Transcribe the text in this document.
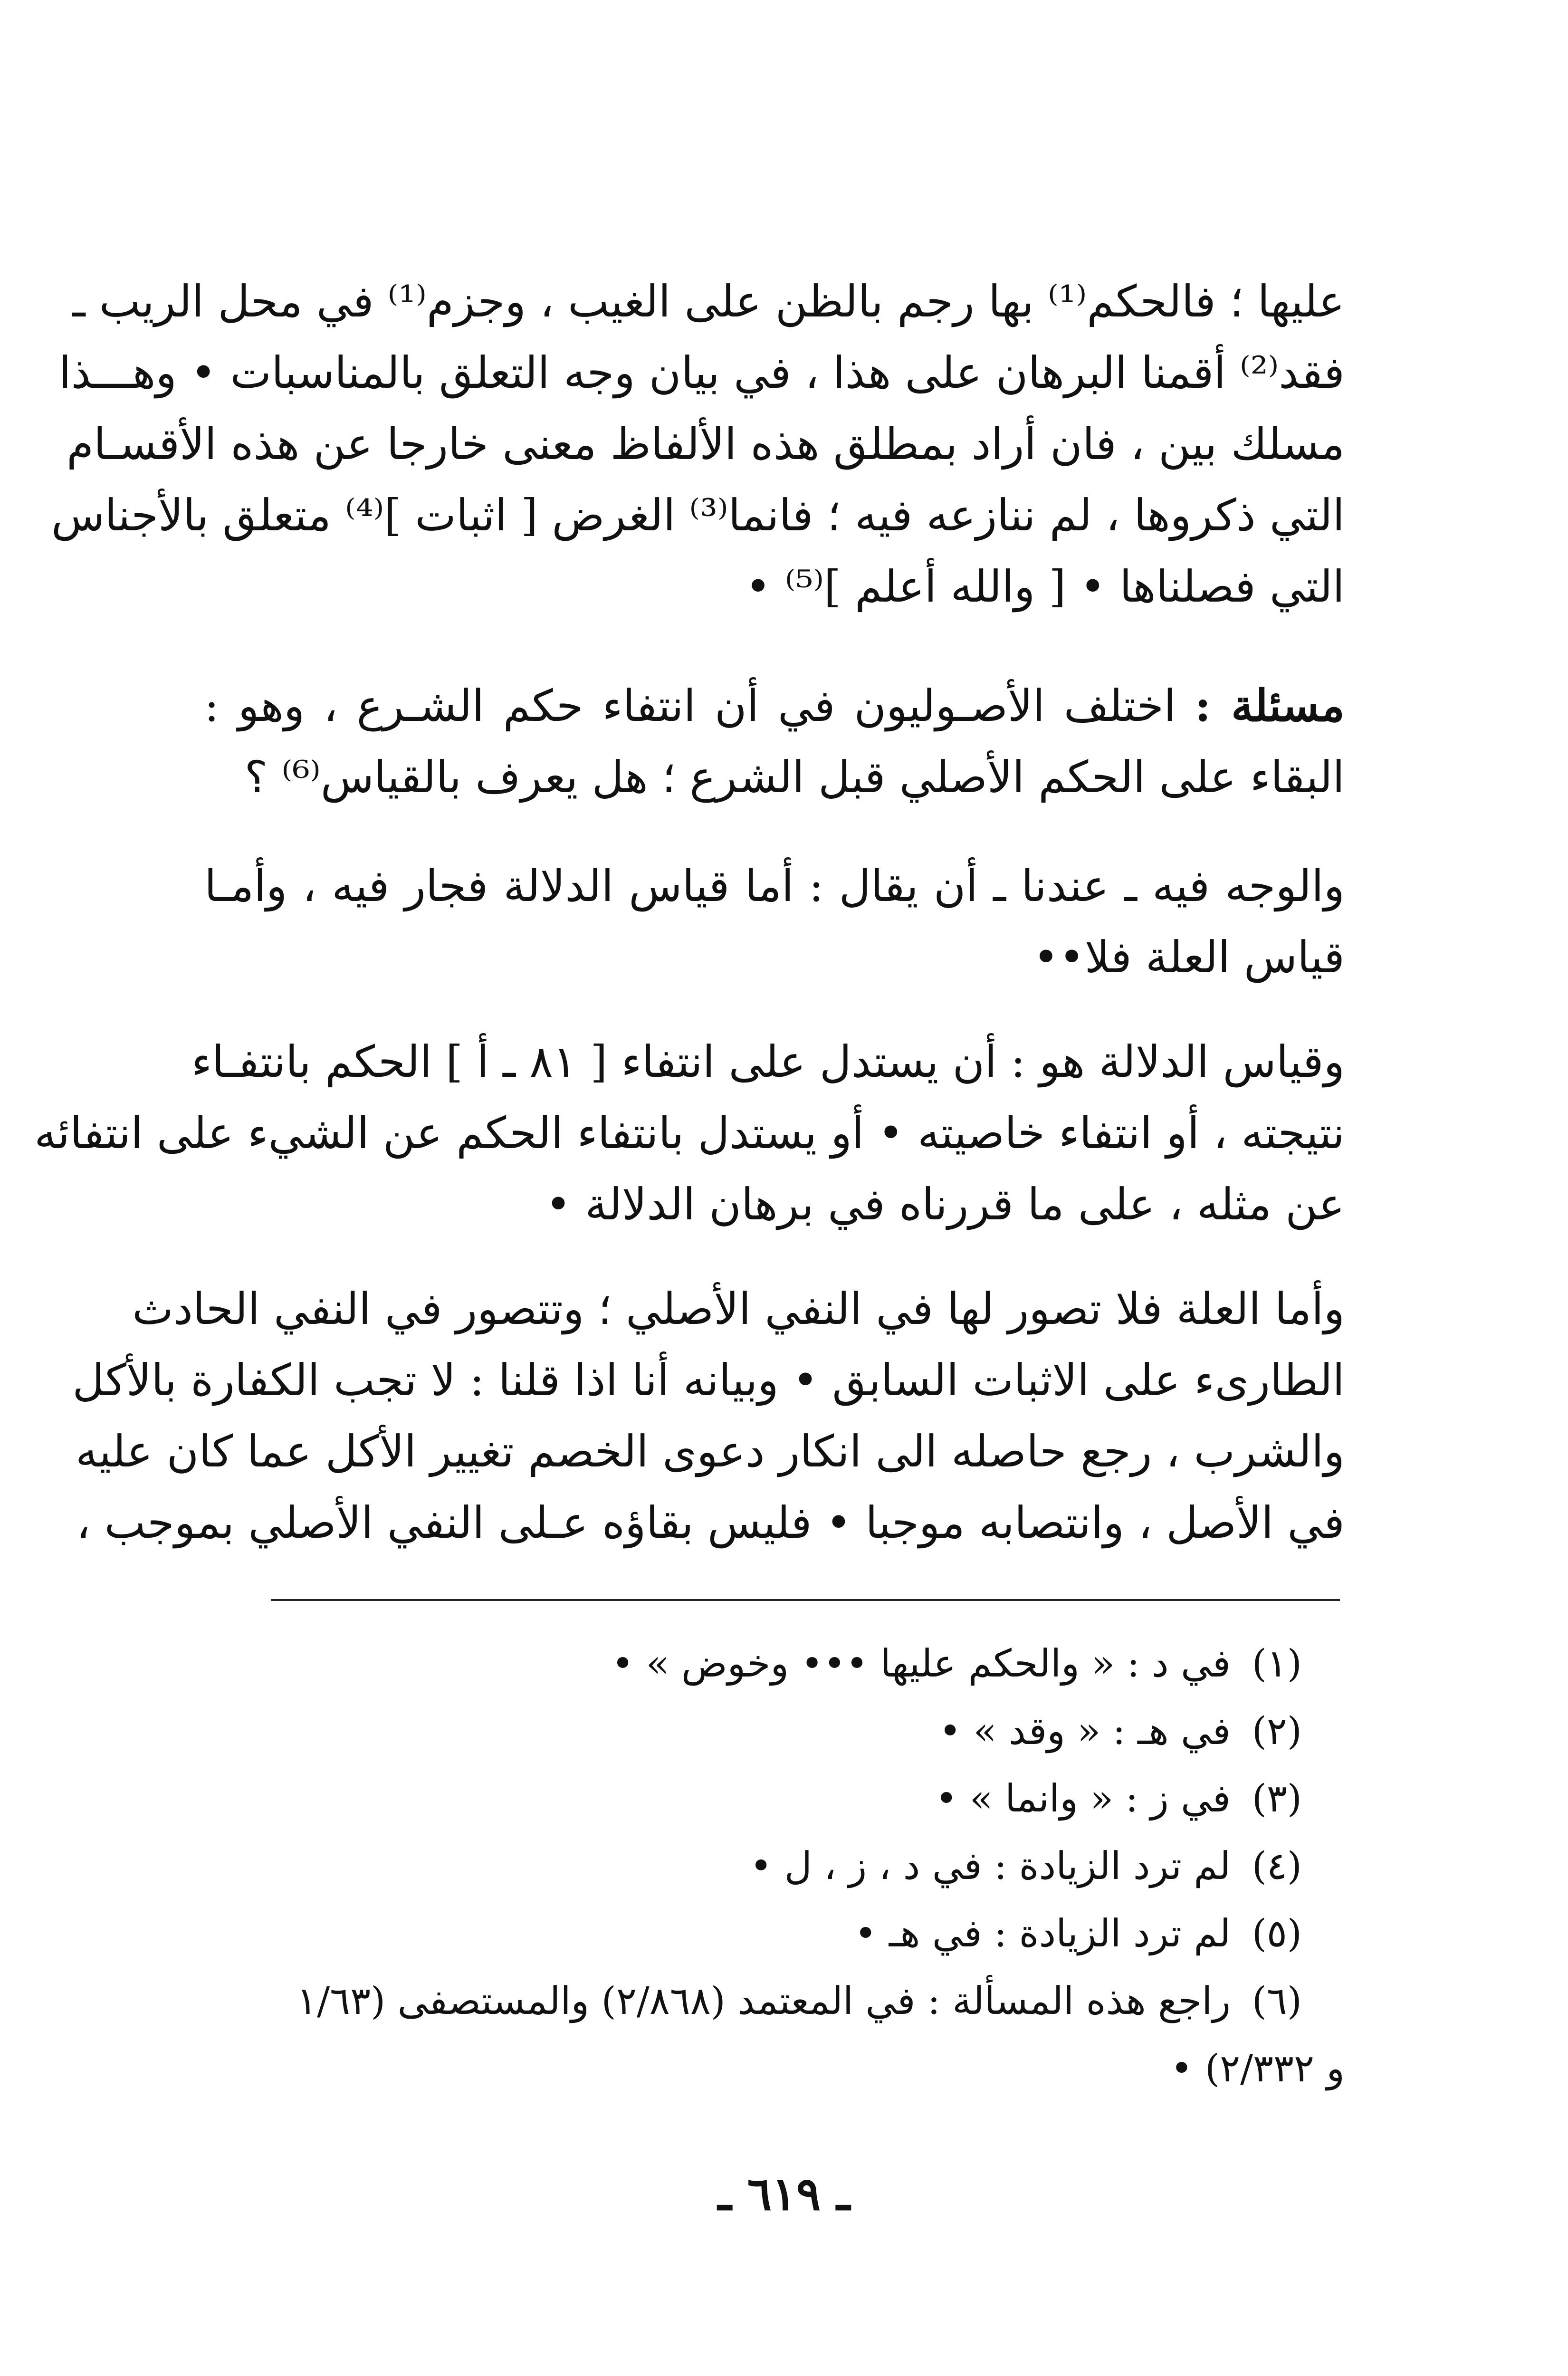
عليها ؛ فالحكم⁽¹⁾ بها رجم بالظن على الغيب ، وجزم⁽¹⁾ في محل الريب ـ
فقد⁽²⁾ أقمنا البرهان على هذا ، في بيان وجه التعلق بالمناسبات • وهـــذا
مسلك بين ، فان أراد بمطلق هذه الألفاظ معنى خارجا عن هذه الأقسـام
التي ذكروها ، لم ننازعه فيه ؛ فانما⁽³⁾ الغرض [ اثبات ]⁽⁴⁾ متعلق بالأجناس
التي فصلناها • [ والله أعلم ]⁽⁵⁾ •
مسئلة : اختلف الأصـوليون في أن انتفاء حكم الشـرع ، وهو :
البقاء على الحكم الأصلي قبل الشرع ؛ هل يعرف بالقياس⁽⁶⁾ ؟
والوجه فيه ـ عندنا ـ أن يقال : أما قياس الدلالة فجار فيه ، وأمـا
قياس العلة فلا••
وقياس الدلالة هو : أن يستدل على انتفاء [ ٨١ ـ أ ] الحكم بانتفـاء
نتيجته ، أو انتفاء خاصيته • أو يستدل بانتفاء الحكم عن الشيء على انتفائه
عن مثله ، على ما قررناه في برهان الدلالة •
وأما العلة فلا تصور لها في النفي الأصلي ؛ وتتصور في النفي الحادث
الطارىء على الاثبات السابق • وبيانه أنا اذا قلنا : لا تجب الكفارة بالأكل
والشرب ، رجع حاصله الى انكار دعوى الخصم تغيير الأكل عما كان عليه
في الأصل ، وانتصابه موجبا • فليس بقاؤه عـلى النفي الأصلي بموجب ،
(١)في د : « والحكم عليها ••• وخوض » •
(٢)في هـ : « وقد » •
(٣)في ز : « وانما » •
(٤)لم ترد الزيادة : في د ، ز ، ل •
(٥)لم ترد الزيادة : في هـ •
(٦)راجع هذه المسألة : في المعتمد (٢/٨٦٨) والمستصفى (١/٦٣
و ٢/٣٣٢) •
ـ ٦١٩ ـ
